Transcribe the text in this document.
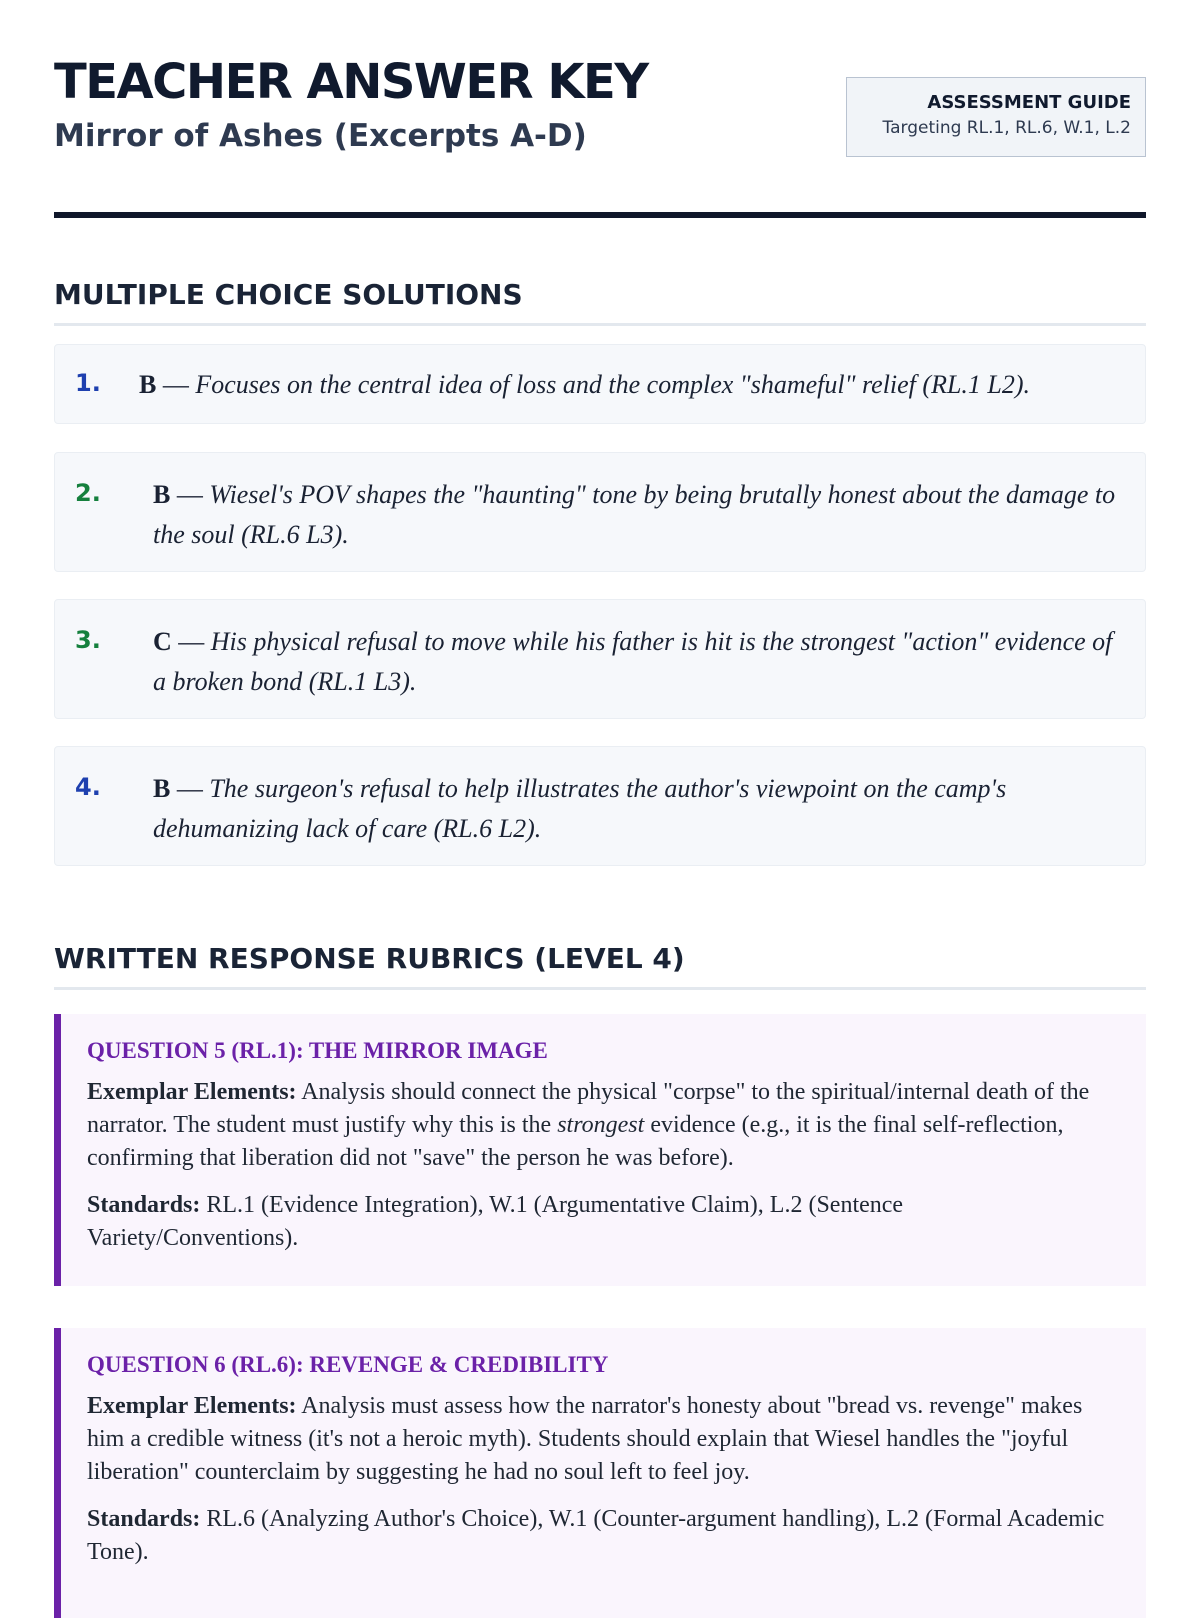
TEACHER ANSWER KEY
Mirror of Ashes (Excerpts A-D)
ASSESSMENT GUIDE
Targeting RL.1, RL.6, W.1, L.2
MULTIPLE CHOICE SOLUTIONS
1. B — Focuses on the central idea of loss and the complex "shameful" relief (RL.1 L2).
2. B — Wiesel's POV shapes the "haunting" tone by being brutally honest about the damage to the soul (RL.6 L3).
3. C — His physical refusal to move while his father is hit is the strongest "action" evidence of a broken bond (RL.1 L3).
4. B — The surgeon's refusal to help illustrates the author's viewpoint on the camp's dehumanizing lack of care (RL.6 L2).
WRITTEN RESPONSE RUBRICS (LEVEL 4)
QUESTION 5 (RL.1): THE MIRROR IMAGE

Exemplar Elements: Analysis should connect the physical "corpse" to the spiritual/internal death of the narrator. The student must justify why this is the strongest evidence (e.g., it is the final self-reflection, confirming that liberation did not "save" the person he was before).

Standards: RL.1 (Evidence Integration), W.1 (Argumentative Claim), L.2 (Sentence Variety/Conventions).

QUESTION 6 (RL.6): REVENGE & CREDIBILITY

Exemplar Elements: Analysis must assess how the narrator's honesty about "bread vs. revenge" makes him a credible witness (it's not a heroic myth). Students should explain that Wiesel handles the "joyful liberation" counterclaim by suggesting he had no soul left to feel joy.

Standards: RL.6 (Analyzing Author's Choice), W.1 (Counter-argument handling), L.2 (Formal Academic Tone).
